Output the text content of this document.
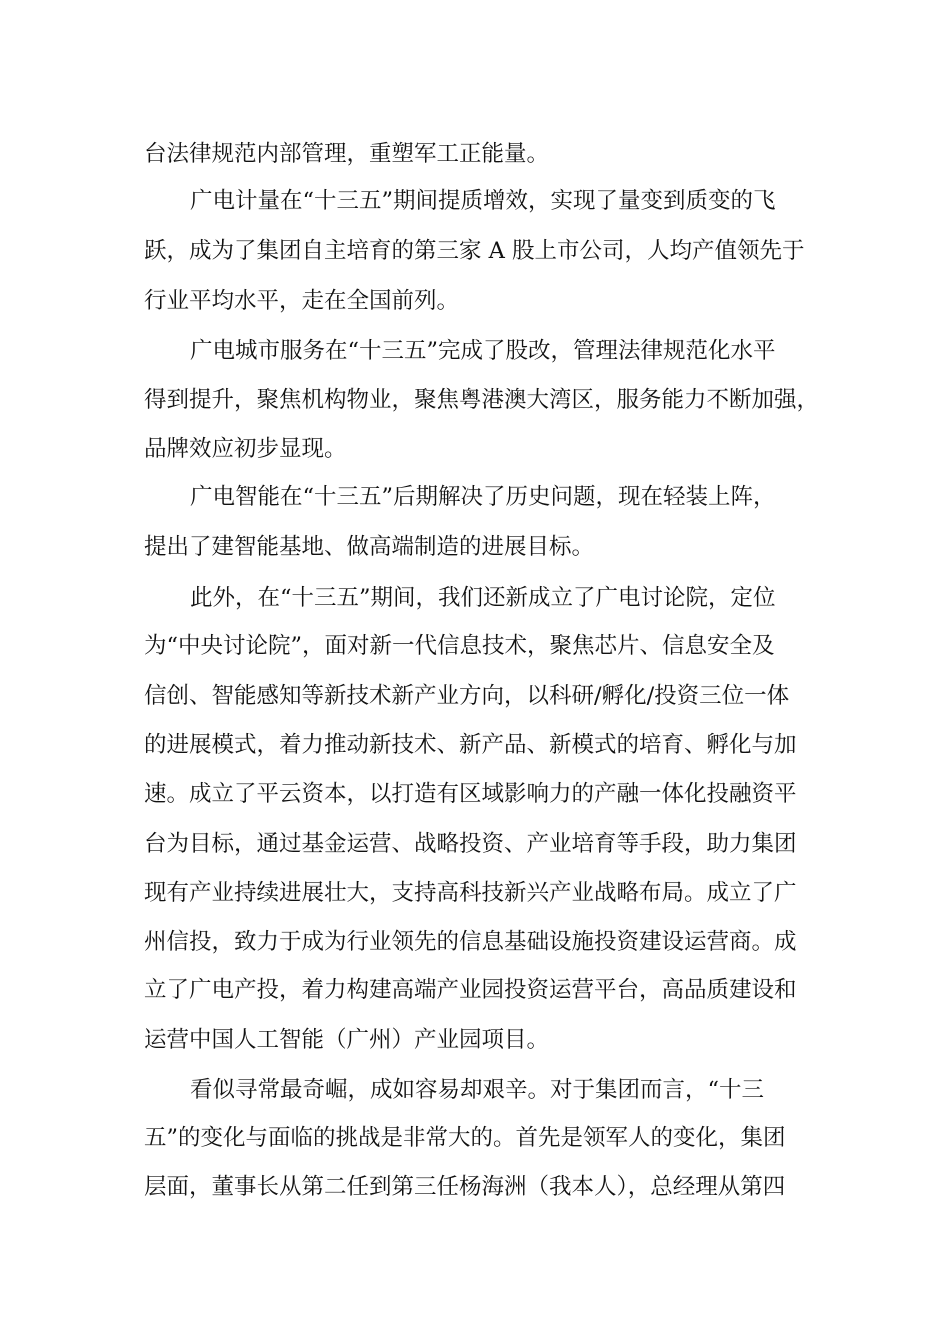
台法律规范内部管理，重塑军工正能量。
广电计量在“十三五”期间提质增效，实现了量变到质变的飞
跃，成为了集团自主培育的第三家 A 股上市公司，人均产值领先于
行业平均水平，走在全国前列。
广电城市服务在“十三五”完成了股改，管理法律规范化水平
得到提升，聚焦机构物业，聚焦粤港澳大湾区，服务能力不断加强，
品牌效应初步显现。
广电智能在“十三五”后期解决了历史问题，现在轻装上阵，
提出了建智能基地、做高端制造的进展目标。
此外，在“十三五”期间，我们还新成立了广电讨论院，定位
为“中央讨论院”，面对新一代信息技术，聚焦芯片、信息安全及
信创、智能感知等新技术新产业方向，以科研/孵化/投资三位一体
的进展模式，着力推动新技术、新产品、新模式的培育、孵化与加
速。成立了平云资本，以打造有区域影响力的产融一体化投融资平
台为目标，通过基金运营、战略投资、产业培育等手段，助力集团
现有产业持续进展壮大，支持高科技新兴产业战略布局。成立了广
州信投，致力于成为行业领先的信息基础设施投资建设运营商。成
立了广电产投，着力构建高端产业园投资运营平台，高品质建设和
运营中国人工智能（广州）产业园项目。
看似寻常最奇崛，成如容易却艰辛。对于集团而言，“十三
五”的变化与面临的挑战是非常大的。首先是领军人的变化，集团
层面，董事长从第二任到第三任杨海洲（我本人），总经理从第四
